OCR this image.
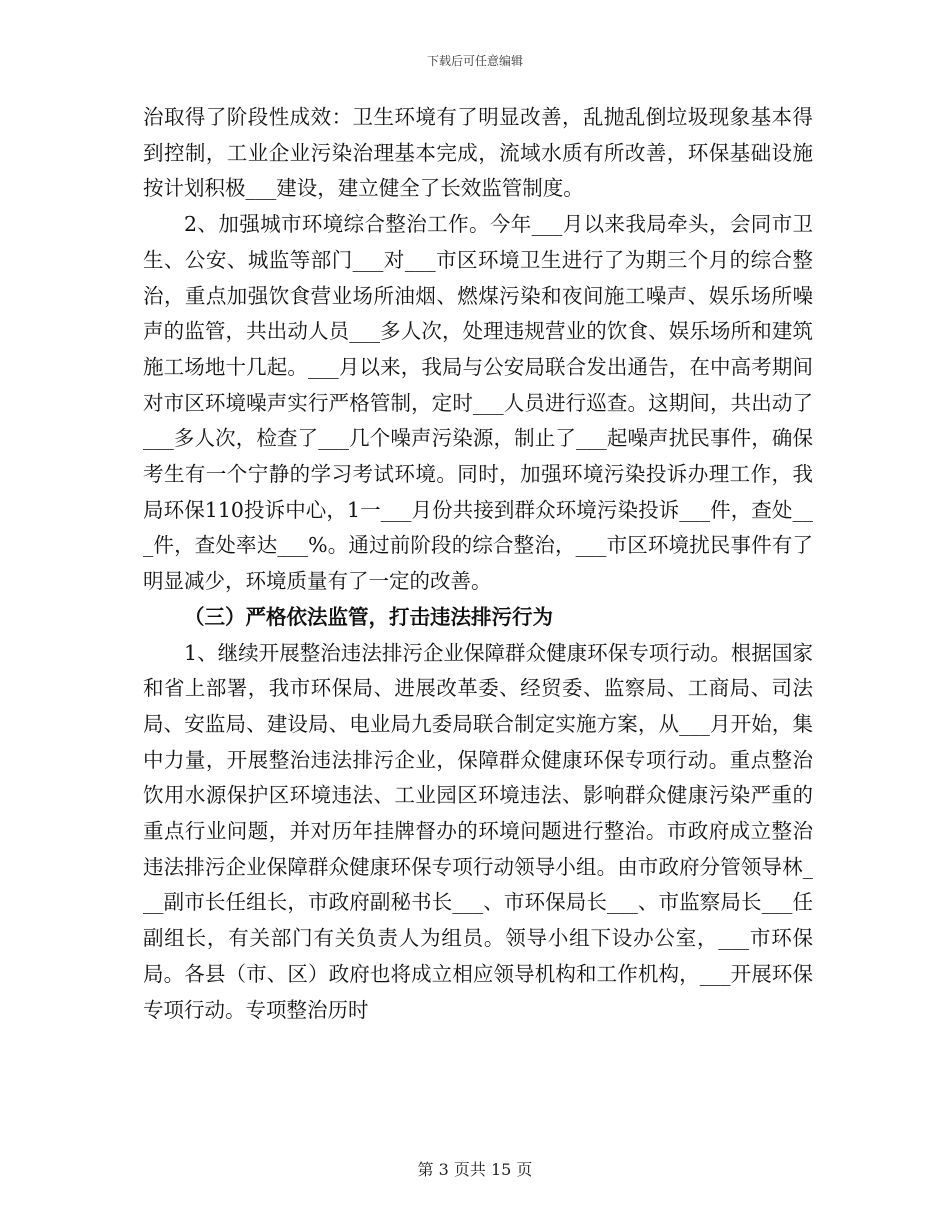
下载后可任意编辑

治取得了阶段性成效：卫生环境有了明显改善，乱抛乱倒垃圾现象基本得到控制，工业企业污染治理基本完成，流域水质有所改善，环保基础设施按计划积极___建设，建立健全了长效监管制度。

2、加强城市环境综合整治工作。今年___月以来我局牵头，会同市卫生、公安、城监等部门___对___市区环境卫生进行了为期三个月的综合整治，重点加强饮食营业场所油烟、燃煤污染和夜间施工噪声、娱乐场所噪声的监管，共出动人员___多人次，处理违规营业的饮食、娱乐场所和建筑施工场地十几起。___月以来，我局与公安局联合发出通告，在中高考期间对市区环境噪声实行严格管制，定时___人员进行巡查。这期间，共出动了___多人次，检查了___几个噪声污染源，制止了___起噪声扰民事件，确保考生有一个宁静的学习考试环境。同时，加强环境污染投诉办理工作，我局环保110投诉中心，1一___月份共接到群众环境污染投诉___件，查处___件，查处率达___%。通过前阶段的综合整治，___市区环境扰民事件有了明显减少，环境质量有了一定的改善。

（三）严格依法监管，打击违法排污行为

1、继续开展整治违法排污企业保障群众健康环保专项行动。根据国家和省上部署，我市环保局、进展改革委、经贸委、监察局、工商局、司法局、安监局、建设局、电业局九委局联合制定实施方案，从___月开始，集中力量，开展整治违法排污企业，保障群众健康环保专项行动。重点整治饮用水源保护区环境违法、工业园区环境违法、影响群众健康污染严重的重点行业问题，并对历年挂牌督办的环境问题进行整治。市政府成立整治违法排污企业保障群众健康环保专项行动领导小组。由市政府分管领导林___副市长任组长，市政府副秘书长___、市环保局长___、市监察局长___任副组长，有关部门有关负责人为组员。领导小组下设办公室，___市环保局。各县（市、区）政府也将成立相应领导机构和工作机构，___开展环保专项行动。专项整治历时

第 3 页共 15 页
